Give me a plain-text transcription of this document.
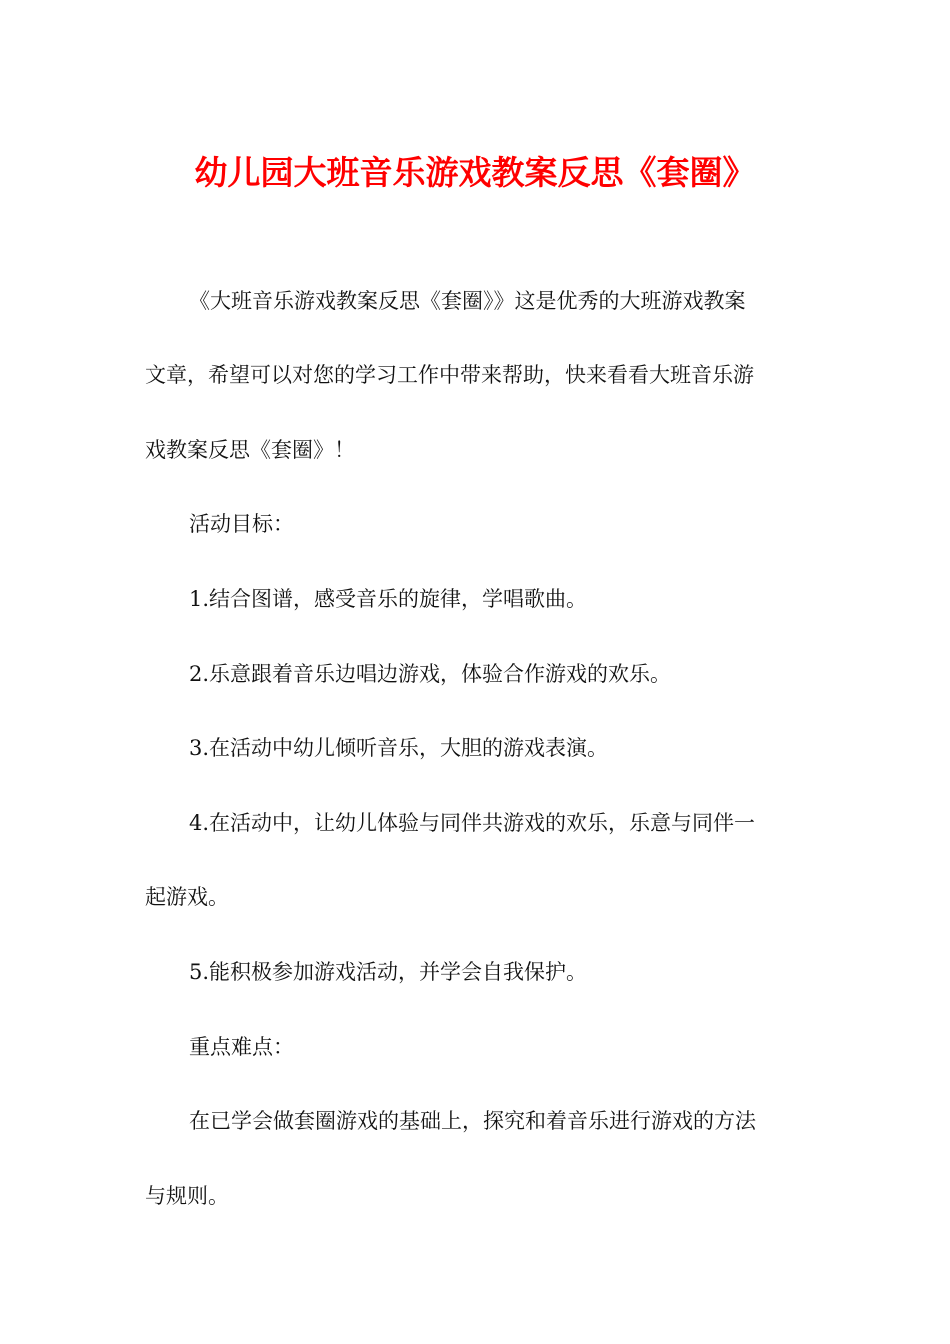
幼儿园大班音乐游戏教案反思《套圈》
《大班音乐游戏教案反思《套圈》》这是优秀的大班游戏教案
文章，希望可以对您的学习工作中带来帮助，快来看看大班音乐游
戏教案反思《套圈》！
活动目标：
1.结合图谱，感受音乐的旋律，学唱歌曲。
2.乐意跟着音乐边唱边游戏，体验合作游戏的欢乐。
3.在活动中幼儿倾听音乐，大胆的游戏表演。
4.在活动中，让幼儿体验与同伴共游戏的欢乐，乐意与同伴一
起游戏。
5.能积极参加游戏活动，并学会自我保护。
重点难点：
在已学会做套圈游戏的基础上，探究和着音乐进行游戏的方法
与规则。
